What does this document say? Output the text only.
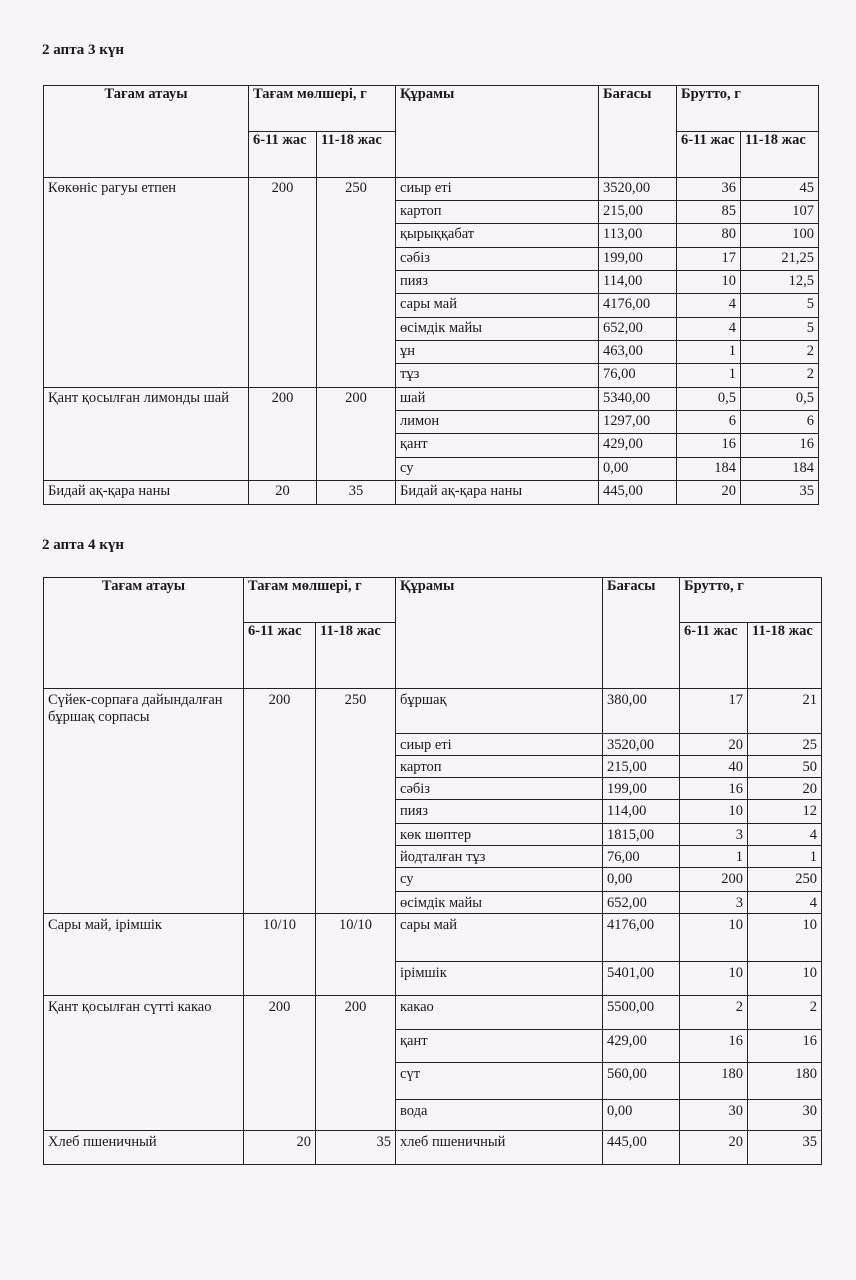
2 апта 3 күн
Тағам атауы	Тағам мөлшері, г		Құрамы	Бағасы	Брутто, г	
	6-11 жас	11-18 жас			6-11 жас	11-18 жас
Көкөніс рагуы етпен	200	250	сиыр еті	3520,00	36	45
			картоп	215,00	85	107
			қырыққабат	113,00	80	100
			сәбіз	199,00	17	21,25
			пияз	114,00	10	12,5
			сары май	4176,00	4	5
			өсімдік майы	652,00	4	5
			ұн	463,00	1	2
			тұз	76,00	1	2
Қант қосылған лимонды шай	200	200	шай	5340,00	0,5	0,5
			лимон	1297,00	6	6
			қант	429,00	16	16
			су	0,00	184	184
Бидай ақ-қара наны	20	35	Бидай ақ-қара наны	445,00	20	35
2 апта 4 күн
Тағам атауы	Тағам мөлшері, г		Құрамы	Бағасы	Брутто, г	
	6-11 жас	11-18 жас			6-11 жас	11-18 жас
Сүйек-сорпаға дайындалған бұршақ сорпасы	200	250	бұршақ	380,00	17	21
			сиыр еті	3520,00	20	25
			картоп	215,00	40	50
			сәбіз	199,00	16	20
			пияз	114,00	10	12
			көк шөптер	1815,00	3	4
			йодталған тұз	76,00	1	1
			су	0,00	200	250
			өсімдік майы	652,00	3	4
Сары май, ірімшік	10/10	10/10	сары май	4176,00	10	10
			ірімшік	5401,00	10	10
Қант қосылған сүтті какао	200	200	какао	5500,00	2	2
			қант	429,00	16	16
			сүт	560,00	180	180
			вода	0,00	30	30
Хлеб пшеничный	20	35	хлеб пшеничный	445,00	20	35
